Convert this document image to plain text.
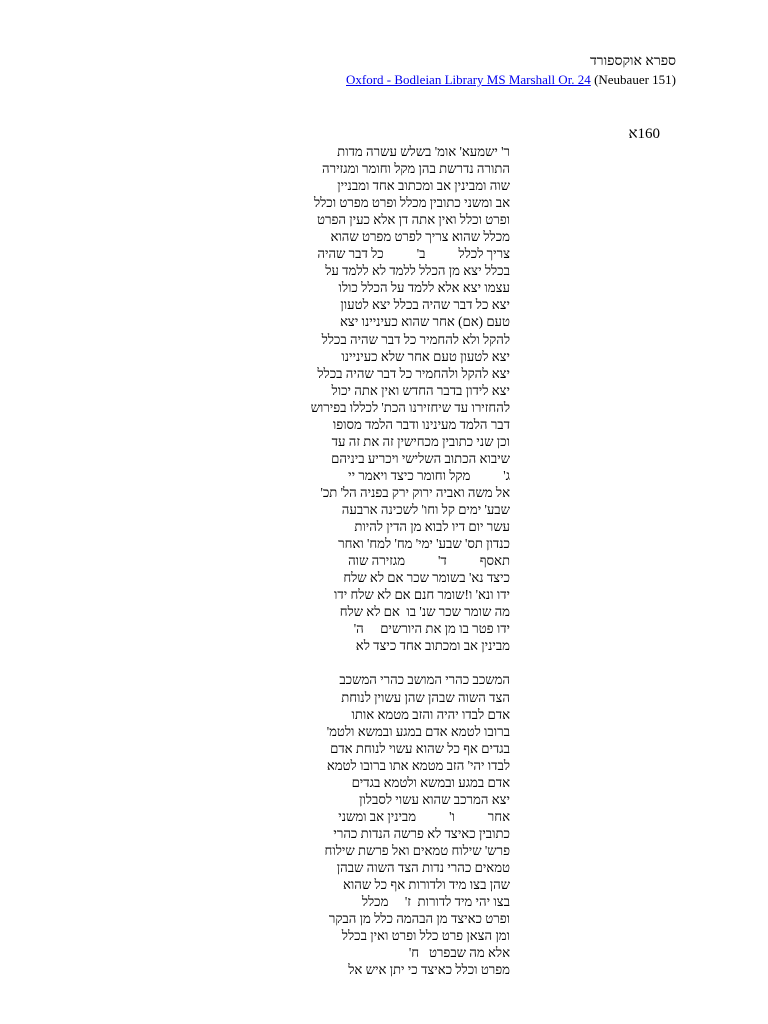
ספרא אוקספורד
Oxford - Bodleian Library MS Marshall Or. 24 (Neubauer 151)
160א
ר' ישמעא' אומ' בשלש עשרה מדות
התורה נדרשת בהן מקל וחומר ומגזירה
שוה ומבינין אב ומכתוב אחד ומבניין
אב ומשני כתובין מכלל ופרט מפרט וכלל
ופרט וכלל ואין אתה דן אלא כעין הפרט
מכלל שהוא צריך לפרט מפרט שהוא
צריך לכלל          ב'          כל דבר שהיה
בכלל יצא מן הכלל ללמד לא ללמד על
עצמו יצא אלא ללמד על הכלל כולו
יצא כל דבר שהיה בכלל יצא לטעון
טעם (אם) אחר שהוא כעיניינו יצא
להקל ולא להחמיר כל דבר שהיה בכלל
יצא לטעון טעם אחר שלא כעיניינו
יצא להקל ולהחמיר כל דבר שהיה בכלל
יצא לידון בדבר החדש ואין אתה יכול
להחזירו עד שיחזירנו הכת' לכללו בפירוש
דבר הלמד מעינינו ודבר הלמד מסופו
וכן שני כתובין מכחישין זה את זה עד
שיבוא הכתוב השלישי ויכריע ביניהם
ג'          מקל וחומר כיצד ויאמר יי
אל משה ואביה ירוק ירק בפניה הל' תכ'
שבע' ימים קל וחו' לשכינה ארבעה
עשר יום דיו לבוא מן הדין להיות
כנדון תס' שבע' ימי' מח' למח' ואחר
תאסף          ד'          מגזירה שוה
כיצד נא' בשומר שכר אם לא שלח
ידו ונא' ו!שומר חנם אם לא שלח ידו
מה שומר שכר שנ' בו  אם לא שלח
ידו פטר בו מן את היורשים     ה'
מבינין אב ומכתוב אחד כיצד לא
המשכב כהרי המושב כהרי המשכב
הצד השוה שבהן שהן עשוין לנוחת
אדם לבדו יהיה והזב מטמא אותו
ברובו לטמא אדם במגע ובמשא ולטמ'
בגדים אף כל שהוא עשוי לנוחת אדם
לבדו יהי' הזב מטמא אתו ברובו לטמא
אדם במגע ובמשא ולטמא בגדים
יצא המרכב שהוא עשוי לסבלון
אחר          ו'          מבינין אב ומשני
כתובין כאיצד לא פרשה הנדות כהרי
פרש' שילוח טמאים ואל פרשת שילוח
טמאים כהרי נדות הצד השוה שבהן
שהן בצו מיד ולדורות אף כל שהוא
בצו יהי מיד לדורות  ז'     מכלל
ופרט כאיצד מן הבהמה כלל מן הבקר
ומן הצאן פרט כלל ופרט ואין בכלל
אלא מה שבפרט   ח'
מפרט וכלל כאיצד כי יתן איש אל
